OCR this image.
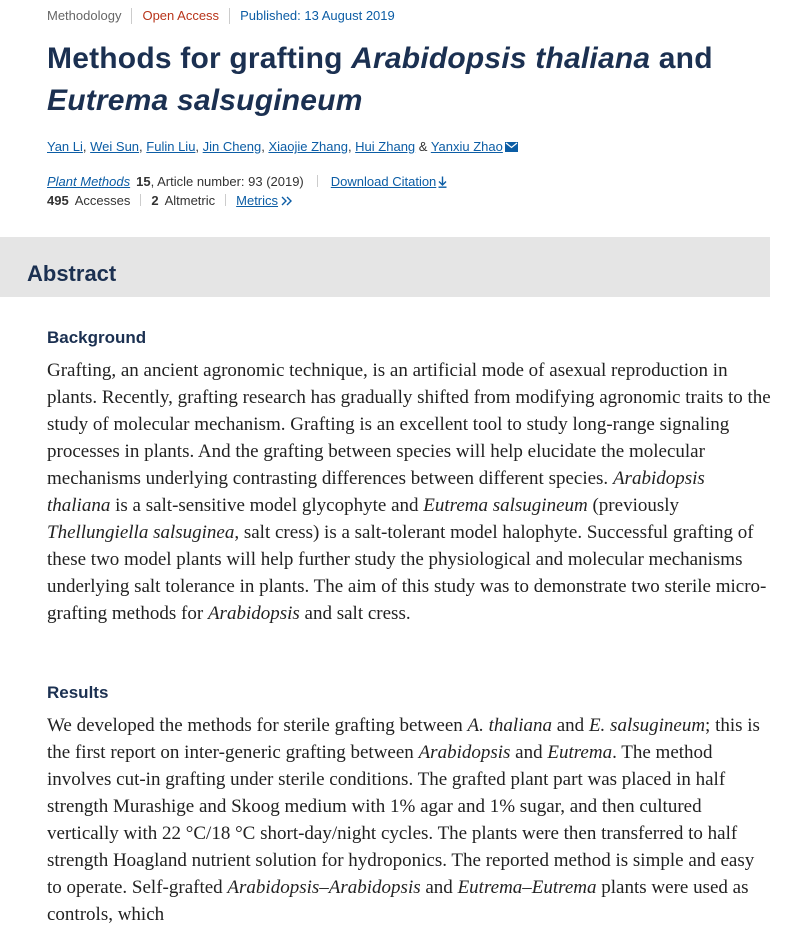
Methodology Open Access Published: 13 August 2019
Methods for grafting Arabidopsis thaliana and
Eutrema salsugineum
Yan Li, Wei Sun, Fulin Liu, Jin Cheng, Xiaojie Zhang, Hui Zhang & Yanxiu Zhao
Plant Methods 15, Article number: 93 (2019) Download Citation
495 Accesses 2 Altmetric Metrics
Abstract
Background

Grafting, an ancient agronomic technique, is an artificial mode of asexual reproduction in plants. Recently, grafting research has gradually shifted from modifying agronomic traits to the study of molecular mechanism. Grafting is an excellent tool to study long-range signaling processes in plants. And the grafting between species will help elucidate the molecular mechanisms underlying contrasting differences between different species. Arabidopsis thaliana is a salt-sensitive model glycophyte and Eutrema salsugineum (previously Thellungiella salsuginea, salt cress) is a salt-tolerant model halophyte. Successful grafting of these two model plants will help further study the physiological and molecular mechanisms underlying salt tolerance in plants. The aim of this study was to demonstrate two sterile micro-grafting methods for Arabidopsis and salt cress.

Results

We developed the methods for sterile grafting between A. thaliana and E. salsugineum; this is the first report on inter-generic grafting between Arabidopsis and Eutrema. The method involves cut-in grafting under sterile conditions. The grafted plant part was placed in half strength Murashige and Skoog medium with 1% agar and 1% sugar, and then cultured vertically with 22 °C/18 °C short-day/night cycles. The plants were then transferred to half strength Hoagland nutrient solution for hydroponics. The reported method is simple and easy to operate. Self-grafted Arabidopsis–Arabidopsis and Eutrema–Eutrema plants were used as controls, which
